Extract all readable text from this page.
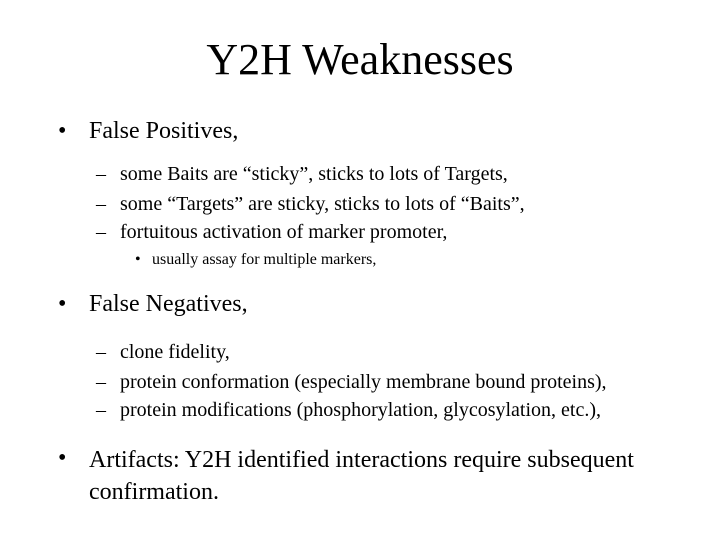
Y2H Weaknesses
• False Positives,
– some Baits are “sticky”, sticks to lots of Targets,
– some “Targets” are sticky, sticks to lots of “Baits”,
– fortuitous activation of marker promoter,
• usually assay for multiple markers,
• False Negatives,
– clone fidelity,
– protein conformation (especially membrane bound proteins),
– protein modifications (phosphorylation, glycosylation, etc.),
• Artifacts: Y2H identified interactions require subsequent confirmation.
